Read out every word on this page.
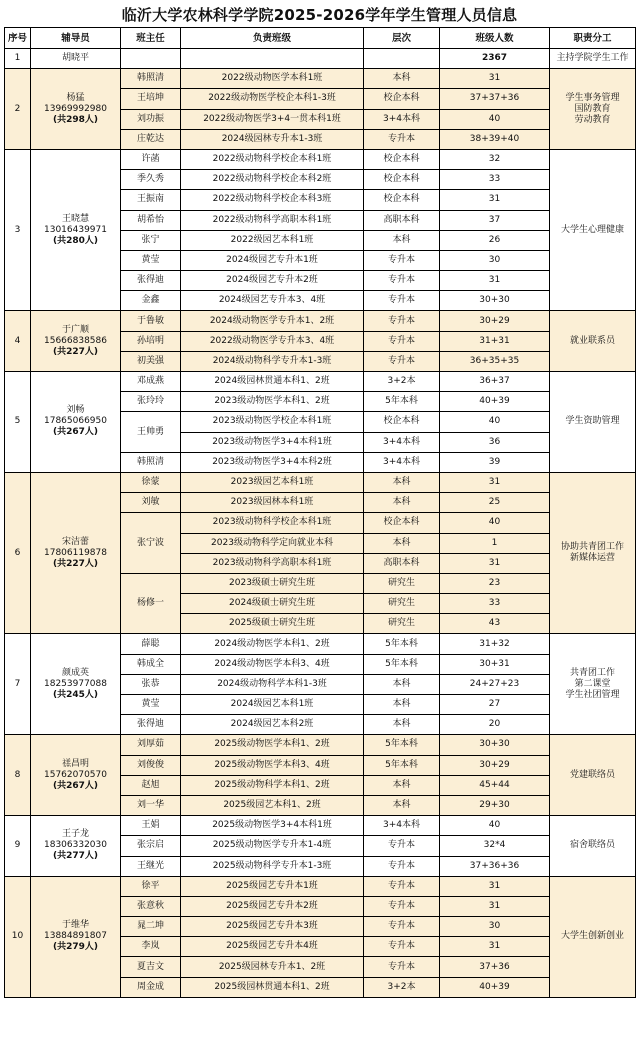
临沂大学农林科学学院2025-2026学年学生管理人员信息
序号	辅导员	班主任	负责班级	层次	班级人数	职责分工
1	胡晓平				2367	主持学院学生工作

2	杨猛
13969992980
(共298人)	韩照清	2022级动物医学本科1班	本科	31	学生事务管理
国防教育
劳动教育

		王培坤	2022级动物医学校企本科1-3班	校企本科	37+37+36	
		刘功振	2022级动物医学3+4一贯本科1班	3+4本科	40	
		庄乾达	2024级园林专升本1-3班	专升本	38+39+40	
3	王晓慧
13016439971
(共280人)	许菡	2022级动物科学校企本科1班	校企本科	32	大学生心理健康

		季久秀	2022级动物科学校企本科2班	校企本科	33	
		王振南	2022级动物科学校企本科3班	校企本科	31	
		胡希怡	2022级动物科学高职本科1班	高职本科	37	
		张宁	2022级园艺本科1班	本科	26	
		黄莹	2024级园艺专升本1班	专升本	30	
		张得迪	2024级园艺专升本2班	专升本	31	
		金鑫	2024级园艺专升本3、4班	专升本	30+30	
4	于广顺
15666838586
(共227人)	于鲁敏	2024级动物医学专升本1、2班	专升本	30+29	就业联系员

		孙培明	2022级动物医学专升本3、4班	专升本	31+31	
		初美强	2024级动物科学专升本1-3班	专升本	36+35+35	
5	刘畅
17865066950
(共267人)	邓成燕	2024级园林贯通本科1、2班	3+2本	36+37	学生资助管理

		张玲玲	2023级动物医学本科1、2班	5年本科	40+39	
		王帅勇	2023级动物医学校企本科1班	校企本科	40	
			2023级动物医学3+4本科1班	3+4本科	36	
		韩照清	2023级动物医学3+4本科2班	3+4本科	39	
6	宋洁蕾
17806119878
(共227人)	徐蒙	2023级园艺本科1班	本科	31	协助共青团工作
新媒体运营

		刘敏	2023级园林本科1班	本科	25	
		张宁波	2023级动物科学校企本科1班	校企本科	40	
			2023级动物科学定向就业本科	本科	1	
			2023级动物科学高职本科1班	高职本科	31	
		杨修一	2023级硕士研究生班	研究生	23	
			2024级硕士研究生班	研究生	33	
			2025级硕士研究生班	研究生	43	
7	颜成英
18253977088
(共245人)	薛聪	2024级动物医学本科1、2班	5年本科	31+32	共青团工作
第二课堂
学生社团管理

		韩成全	2024级动物医学本科3、4班	5年本科	30+31	
		张恭	2024级动物科学本科1-3班	本科	24+27+23	
		黄莹	2024级园艺本科1班	本科	27	
		张得迪	2024级园艺本科2班	本科	20	
8	禚昌明
15762070570
(共267人)	刘厚茹	2025级动物医学本科1、2班	5年本科	30+30	党建联络员

		刘俊俊	2025级动物医学本科3、4班	5年本科	30+29	
		赵旭	2025级动物科学本科1、2班	本科	45+44	
		刘一华	2025级园艺本科1、2班	本科	29+30	
9	王子龙
18306332030
(共277人)	王娟	2025级动物医学3+4本科1班	3+4本科	40	宿舍联络员

		张宗启	2025级动物医学专升本1-4班	专升本	32*4	
		王继光	2025级动物科学专升本1-3班	专升本	37+36+36	
10	于维华
13884891807
(共279人)	徐平	2025级园艺专升本1班	专升本	31	大学生创新创业

		张意秋	2025级园艺专升本2班	专升本	31	
		晁二坤	2025级园艺专升本3班	专升本	30	
		李岚	2025级园艺专升本4班	专升本	31	
		夏吉文	2025级园林专升本1、2班	专升本	37+36	
		周金成	2025级园林贯通本科1、2班	3+2本	40+39	
